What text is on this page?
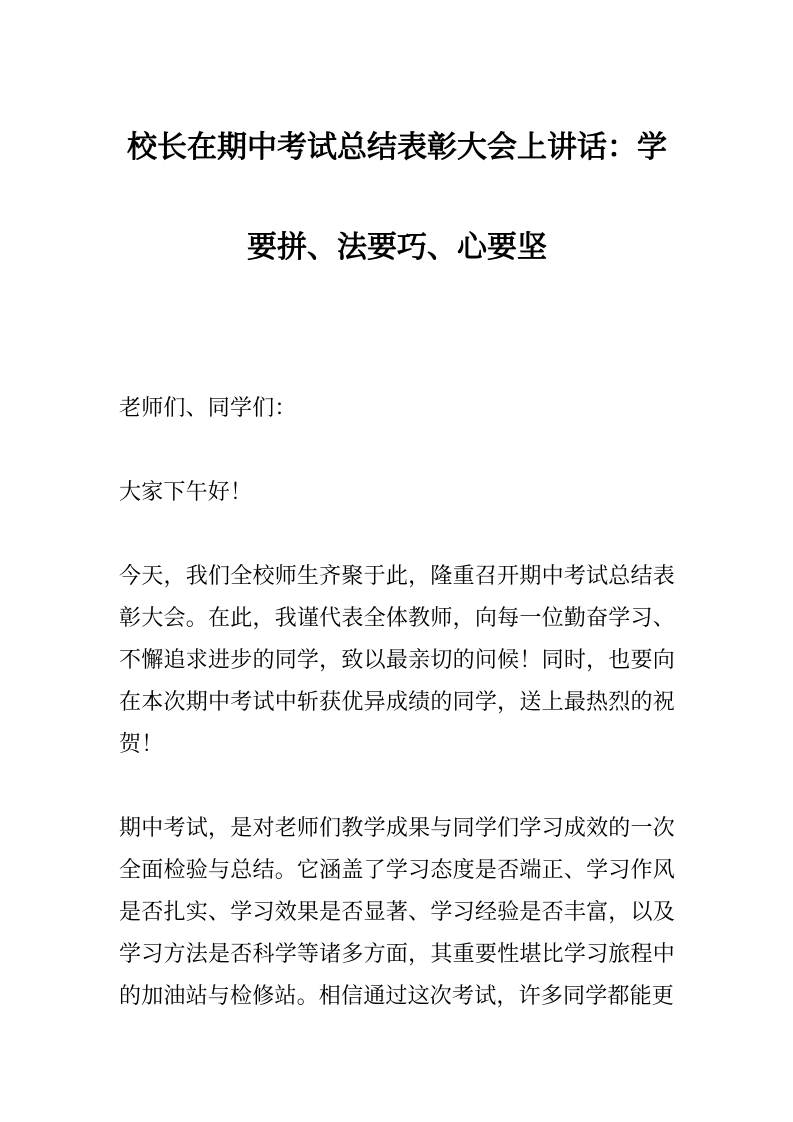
校长在期中考试总结表彰大会上讲话：学要拼、法要巧、心要坚

老师们、同学们：

大家下午好！

今天，我们全校师生齐聚于此，隆重召开期中考试总结表彰大会。在此，我谨代表全体教师，向每一位勤奋学习、不懈追求进步的同学，致以最亲切的问候！同时，也要向在本次期中考试中斩获优异成绩的同学，送上最热烈的祝贺！

期中考试，是对老师们教学成果与同学们学习成效的一次全面检验与总结。它涵盖了学习态度是否端正、学习作风是否扎实、学习效果是否显著、学习经验是否丰富，以及学习方法是否科学等诸多方面，其重要性堪比学习旅程中的加油站与检修站。相信通过这次考试，许多同学都能更
